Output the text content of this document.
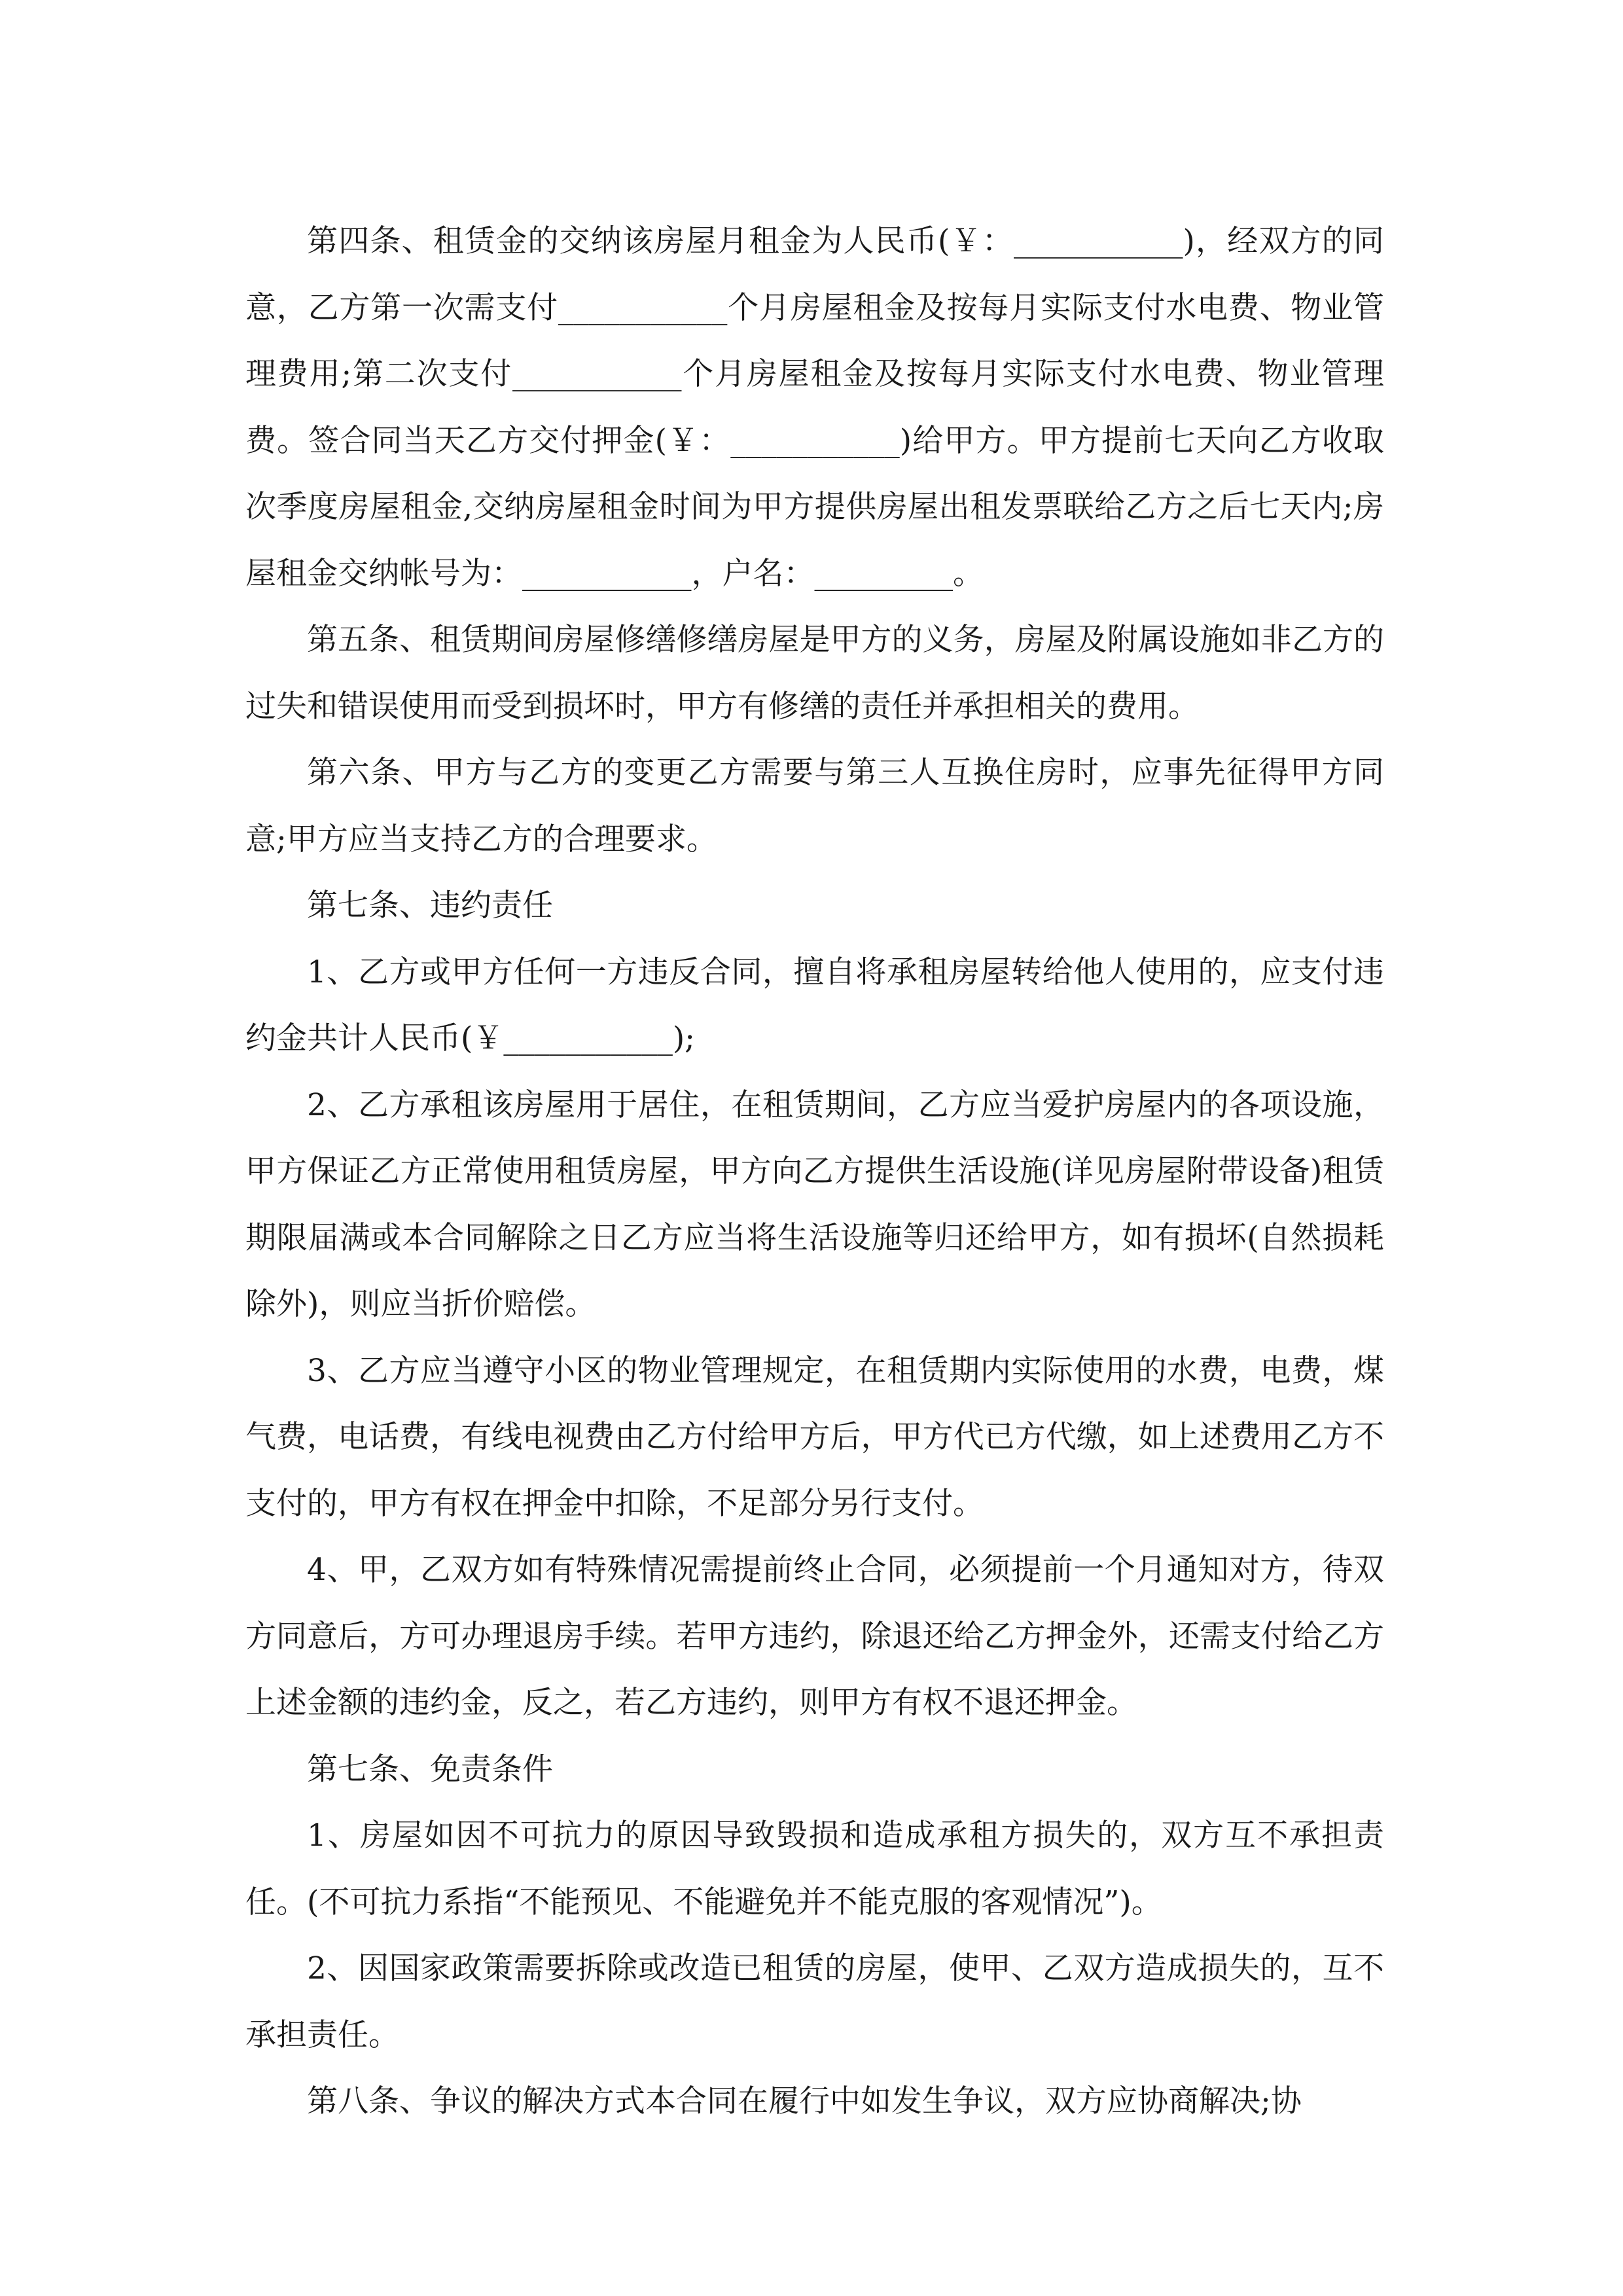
第四条、租赁金的交纳该房屋月租金为人民币(￥：___________)，经双方的同意，乙方第一次需支付___________个月房屋租金及按每月实际支付水电费、物业管理费用;第二次支付___________个月房屋租金及按每月实际支付水电费、物业管理费。签合同当天乙方交付押金(￥：___________)给甲方。甲方提前七天向乙方收取次季度房屋租金,交纳房屋租金时间为甲方提供房屋出租发票联给乙方之后七天内;房屋租金交纳帐号为：___________，户名：_________。

第五条、租赁期间房屋修缮修缮房屋是甲方的义务，房屋及附属设施如非乙方的过失和错误使用而受到损坏时，甲方有修缮的责任并承担相关的费用。

第六条、甲方与乙方的变更乙方需要与第三人互换住房时，应事先征得甲方同意;甲方应当支持乙方的合理要求。

第七条、违约责任

1、乙方或甲方任何一方违反合同，擅自将承租房屋转给他人使用的，应支付违约金共计人民币(￥___________);

2、乙方承租该房屋用于居住，在租赁期间，乙方应当爱护房屋内的各项设施，甲方保证乙方正常使用租赁房屋，甲方向乙方提供生活设施(详见房屋附带设备)租赁期限届满或本合同解除之日乙方应当将生活设施等归还给甲方，如有损坏(自然损耗除外)，则应当折价赔偿。

3、乙方应当遵守小区的物业管理规定，在租赁期内实际使用的水费，电费，煤气费，电话费，有线电视费由乙方付给甲方后，甲方代已方代缴，如上述费用乙方不支付的，甲方有权在押金中扣除，不足部分另行支付。

4、甲，乙双方如有特殊情况需提前终止合同，必须提前一个月通知对方，待双方同意后，方可办理退房手续。若甲方违约，除退还给乙方押金外，还需支付给乙方上述金额的违约金，反之，若乙方违约，则甲方有权不退还押金。

第七条、免责条件

1、房屋如因不可抗力的原因导致毁损和造成承租方损失的，双方互不承担责任。(不可抗力系指“不能预见、不能避免并不能克服的客观情况”)。

2、因国家政策需要拆除或改造已租赁的房屋，使甲、乙双方造成损失的，互不承担责任。

第八条、争议的解决方式本合同在履行中如发生争议，双方应协商解决;协
